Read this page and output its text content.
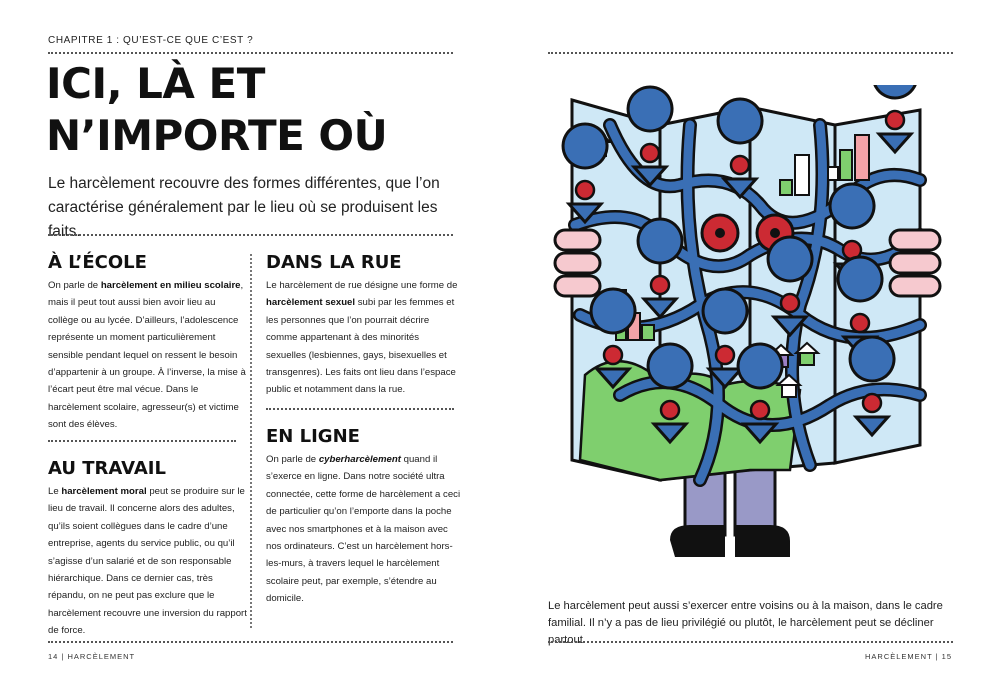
CHAPITRE 1 : QU’EST-CE QUE C’EST ?
ICI, LÀ ET
N’IMPORTE OÙ

Le harcèlement recouvre des formes différentes, que l’on caractérise généralement par le lieu où se produisent les faits.

À L’ÉCOLE

On parle de harcèlement en milieu scolaire, mais il peut tout aussi bien avoir lieu au collège ou au lycée. D’ailleurs, l’adolescence représente un moment particulièrement sensible pendant lequel on ressent le besoin d’appartenir à un groupe. À l’inverse, la mise à l’écart peut être mal vécue. Dans le harcèlement scolaire, agresseur(s) et victime sont des élèves.

AU TRAVAIL

Le harcèlement moral peut se produire sur le lieu de travail. Il concerne alors des adultes, qu’ils soient collègues dans le cadre d’une entreprise, agents du service public, ou qu’il s’agisse d’un salarié et de son responsable hiérarchique. Dans ce dernier cas, très répandu, on ne peut pas exclure que le harcèlement recouvre une inversion du rapport de force.

DANS LA RUE

Le harcèlement de rue désigne une forme de harcèlement sexuel subi par les femmes et les personnes que l’on pourrait décrire comme appartenant à des minorités sexuelles (lesbiennes, gays, bisexuelles et transgenres). Les faits ont lieu dans l’espace public et notamment dans la rue.

EN LIGNE

On parle de cyberharcèlement quand il s’exerce en ligne. Dans notre société ultra connectée, cette forme de harcèlement a ceci de particulier qu’on l’emporte dans la poche avec nos smartphones et à la maison avec nos ordinateurs. C’est un harcèlement hors-les-murs, à travers lequel le harcèlement scolaire peut, par exemple, s’étendre au domicile.

14 | HARCÈLEMENT

Le harcèlement peut aussi s’exercer entre voisins ou à la maison, dans le cadre familial. Il n’y a pas de lieu privilégié ou plutôt, le harcèlement peut se décliner partout.

HARCÈLEMENT | 15
